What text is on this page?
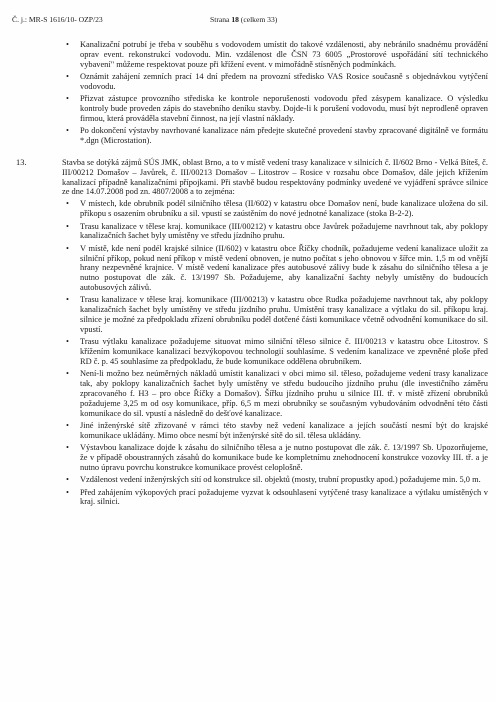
Č. j.: MR-S 1616/10- OZP/23	Strana 18 (celkem 33)
• Kanalizační potrubí je třeba v souběhu s vodovodem umístit do takové vzdálenosti, aby nebránilo snadnému provádění oprav event. rekonstrukcí vodovodu. Min. vzdálenost dle ČSN 73 6005 „Prostorové uspořádání sítí technického vybavení" můžeme respektovat pouze při křížení event. v mimořádně stísněných podmínkách.
• Oznámit zahájení zemních prací 14 dní předem na provozní středisko VAS Rosice současně s objednávkou vytýčení vodovodu.
• Přizvat zástupce provozního střediska ke kontrole neporušenosti vodovodu před zásypem kanalizace. O výsledku kontroly bude proveden zápis do stavebního deníku stavby. Dojde-li k porušení vodovodu, musí být neprodleně opraven firmou, která prováděla stavební činnost, na její vlastní náklady.
• Po dokončení výstavby navrhované kanalizace nám předejte skutečné provedení stavby zpracované digitálně ve formátu *.dgn (Microstation).
13.	Stavba se dotýká zájmů SÚS JMK, oblast Brno, a to v místě vedení trasy kanalizace v silnicích č. II/602 Brno - Velká Bíteš, č. III/00212 Domašov – Javůrek, č. III/00213 Domašov – Litostrov – Rosice v rozsahu obce Domašov, dále jejich křížením kanalizací případně kanalizačními přípojkami. Při stavbě budou respektovány podmínky uvedené ve vyjádření správce silnice ze dne 14.07.2008 pod zn. 4807/2008 a to zejména:
• V místech, kde obrubník podél silničního tělesa (II/602) v katastru obce Domašov není, bude kanalizace uložena do sil. příkopu s osazením obrubníku a sil. vpustí se zaústěním do nové jednotné kanalizace (stoka B-2-2).
• Trasu kanalizace v tělese kraj. komunikace (III/00212) v katastru obce Javůrek požadujeme navrhnout tak, aby poklopy kanalizačních šachet byly umístěny ve středu jízdního pruhu.
• V místě, kde není podél krajské silnice (II/602) v katastru obce Říčky chodník, požadujeme vedení kanalizace uložit za silniční příkop, pokud není příkop v místě vedení obnoven, je nutno počítat s jeho obnovou v šířce min. 1,5 m od vnější hrany nezpevněné krajnice. V místě vedení kanalizace přes autobusové zálivy bude k zásahu do silničního tělesa a je nutno postupovat dle zák. č. 13/1997 Sb. Požadujeme, aby kanalizační šachty nebyly umístěny do budoucích autobusových zálivů.
• Trasu kanalizace v tělese kraj. komunikace (III/00213) v katastru obce Rudka požadujeme navrhnout tak, aby poklopy kanalizačních šachet byly umístěny ve středu jízdního pruhu. Umístění trasy kanalizace a výtlaku do sil. příkopu kraj. silnice je možné za předpokladu zřízení obrubníku podél dotčené části komunikace včetně odvodnění komunikace do sil. vpustí.
• Trasu výtlaku kanalizace požadujeme situovat mimo silniční těleso silnice č. III/00213 v katastru obce Litostrov. S křížením komunikace kanalizací bezvýkopovou technologií souhlasíme. S vedením kanalizace ve zpevněné ploše před RD č. p. 45 souhlasíme za předpokladu, že bude komunikace oddělena obrubníkem.
• Není-li možno bez neúměrných nákladů umístit kanalizaci v obci mimo sil. těleso, požadujeme vedení trasy kanalizace tak, aby poklopy kanalizačních šachet byly umístěny ve středu budoucího jízdního pruhu (dle investičního záměru zpracovaného f. H3 – pro obce Říčky a Domašov). Šířku jízdního pruhu u silnice III. tř. v místě zřízení obrubníků požadujeme 3,25 m od osy komunikace, příp. 6,5 m mezi obrubníky se současným vybudováním odvodnění této části komunikace do sil. vpustí a následně do dešťové kanalizace.
• Jiné inženýrské sítě zřizované v rámci této stavby než vedení kanalizace a jejích součástí nesmí být do krajské komunikace ukládány. Mimo obce nesmí být inženýrské sítě do sil. tělesa ukládány.
• Výstavbou kanalizace dojde k zásahu do silničního tělesa a je nutno postupovat dle zák. č. 13/1997 Sb. Upozorňujeme, že v případě oboustranných zásahů do komunikace bude ke kompletnímu znehodnocení konstrukce vozovky III. tř. a je nutno úpravu povrchu konstrukce komunikace provést celoplošně.
• Vzdálenost vedení inženýrských sítí od konstrukce sil. objektů (mosty, trubní propustky apod.) požadujeme min. 5,0 m.
• Před zahájením výkopových prací požadujeme vyzvat k odsouhlasení vytýčené trasy kanalizace a výtlaku umístěných v kraj. silnici.
